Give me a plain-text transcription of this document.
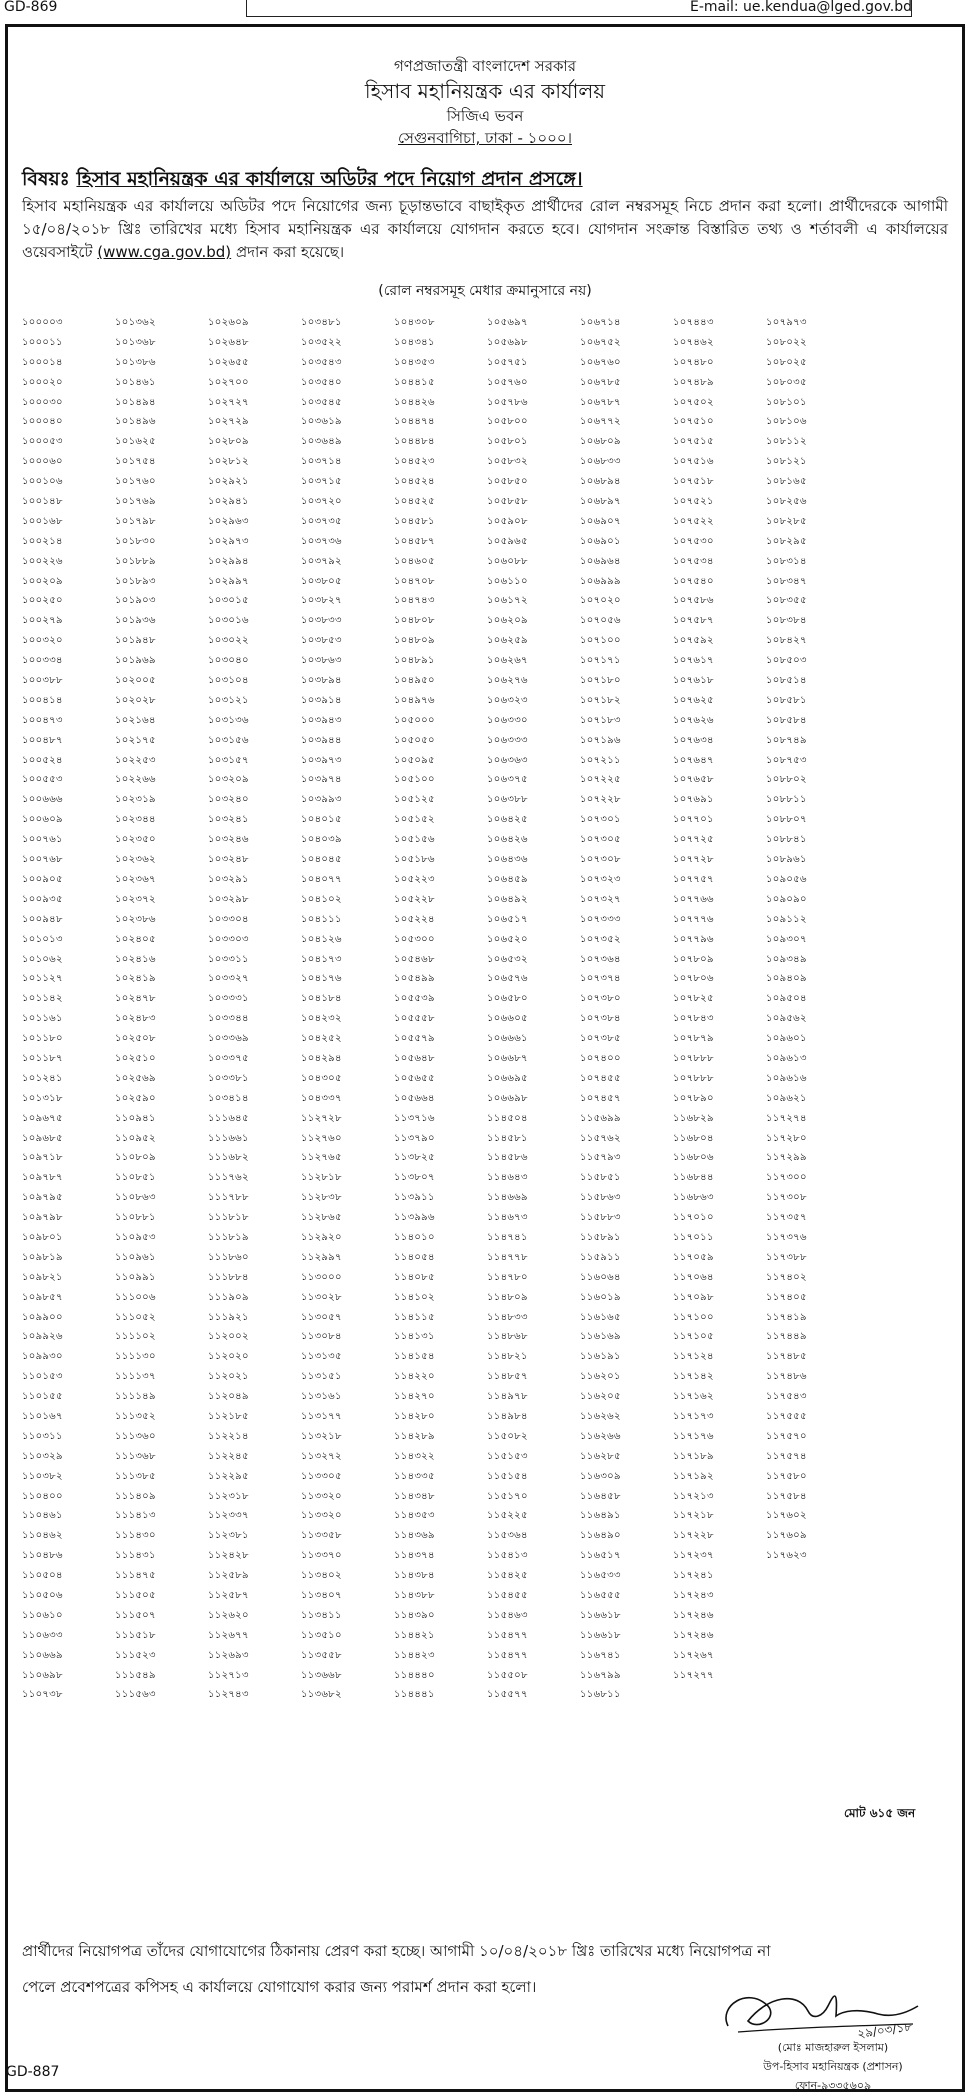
GD-869	E-mail: ue.kendua@lged.gov.bd
গণপ্রজাতন্ত্রী বাংলাদেশ সরকার
হিসাব মহানিয়ন্ত্রক এর কার্যালয়
সিজিএ ভবন
সেগুনবাগিচা, ঢাকা - ১০০০।
বিষয়ঃ হিসাব মহানিয়ন্ত্রক এর কার্যালয়ে অডিটর পদে নিয়োগ প্রদান প্রসঙ্গে।
হিসাব মহানিয়ন্ত্রক এর কার্যালয়ে অডিটর পদে নিয়োগের জন্য চূড়ান্তভাবে বাছাইকৃত প্রার্থীদের রোল নম্বরসমূহ নিচে প্রদান করা হলো। প্রার্থীদেরকে আগামী ১৫/০৪/২০১৮ খ্রিঃ তারিখের মধ্যে হিসাব মহানিয়ন্ত্রক এর কার্যালয়ে যোগদান করতে হবে। যোগদান সংক্রান্ত বিস্তারিত তথ্য ও শর্তাবলী এ কার্যালয়ের ওয়েবসাইটে (www.cga.gov.bd) প্রদান করা হয়েছে।
(রোল নম্বরসমূহ মেধার ক্রমানুসারে নয়)
১০০০০৩
১০০০১১
১০০০১৪
১০০০২০
১০০০৩০
১০০০৪০
১০০০৫৩
১০০০৬০
১০০১০৬
১০০১৪৮
১০০১৬৮
১০০২১৪
১০০২২৬
১০০২০৯
১০০২৫০
১০০২৭৯
১০০৩২০
১০০৩৩৪
১০০৩৮৮
১০০৪১৪
১০০৪৭৩
১০০৪৮৭
১০০৫২৪
১০০৫৫৩
১০০৬৬৬
১০০৬০৯
১০০৭৬১
১০০৭৬৮
১০০৯০৫
১০০৯৩৫
১০০৯৪৮
১০১০১৩
১০১০৬২
১০১১২৭
১০১১৪২
১০১১৬১
১০১১৮০
১০১১৮৭
১০১২৪১
১০১৩১৮
১০৯৬৭৫
১০৯৬৮৫
১০৯৭১৮
১০৯৭৮৭
১০৯৭৯৫
১০৯৭৯৮
১০৯৮০১
১০৯৮১৯
১০৯৮২১
১০৯৮৫৭
১০৯৯০০
১০৯৯২৬
১০৯৯৩০
১১০১৫৩
১১০১৫৫
১১০১৬৭
১১০৩১১
১১০৩২৯
১১০৩৮২
১১০৪০০
১১০৪৬১
১১০৪৬২
১১০৪৮৬
১১০৫০৪
১১০৫০৬
১১০৬১০
১১০৬৩৩
১১০৬৬৯
১১০৬৯৮
১১০৭৩৮
১০১৩৬২
১০১৩৬৮
১০১৩৮৬
১০১৪৬১
১০১৪৯৪
১০১৪৯৬
১০১৬২৫
১০১৭৫৪
১০১৭৬০
১০১৭৬৯
১০১৭৯৮
১০১৮৩০
১০১৮৮৯
১০১৮৯৩
১০১৯০৩
১০১৯৩৬
১০১৯৪৮
১০১৯৬৯
১০২০০৫
১০২০২৮
১০২১৬৪
১০২১৭৫
১০২২৫৩
১০২২৬৬
১০২৩১৯
১০২৩৪৪
১০২৩৫০
১০২৩৬২
১০২৩৬৭
১০২৩৭২
১০২৩৮৬
১০২৪০৫
১০২৪১৬
১০২৪১৯
১০২৪৭৮
১০২৪৮৩
১০২৫০৮
১০২৫১০
১০২৫৬৯
১০২৫৯০
১১০৯৪১
১১০৯৫২
১১০৮০৯
১১০৮৫১
১১০৮৬৩
১১০৮৮১
১১০৯৫৩
১১০৯৬১
১১০৯৯১
১১১০০৬
১১১০৫২
১১১১০২
১১১১৩০
১১১১৩৭
১১১১৪৯
১১১৩৫২
১১১৩৬০
১১১৩৬৮
১১১৩৮৫
১১১৪০৯
১১১৪১৩
১১১৪৩০
১১১৪৩১
১১১৪৭৫
১১১৫০৫
১১১৫০৭
১১১৫১৮
১১১৫২৩
১১১৫৪৯
১১১৫৬৩
১০২৬০৯
১০২৬৪৮
১০২৬৫৫
১০২৭০০
১০২৭২৭
১০২৭২৯
১০২৮০৯
১০২৮১২
১০২৯২১
১০২৯৪১
১০২৯৬৩
১০২৯৭৩
১০২৯৯৪
১০২৯৯৭
১০৩০১৫
১০৩০১৬
১০৩০২২
১০৩০৪০
১০৩১০৪
১০৩১২১
১০৩১৩৬
১০৩১৫৬
১০৩১৫৭
১০৩২০৯
১০৩২৪০
১০৩২৪১
১০৩২৪৬
১০৩২৪৮
১০৩২৯১
১০৩২৯৮
১০৩৩০৪
১০৩৩০৩
১০৩৩১১
১০৩৩২৭
১০৩৩৩১
১০৩৩৪৪
১০৩৩৬৯
১০৩৩৭৫
১০৩৩৮১
১০৩৪১৪
১১১৬৪৫
১১১৬৬১
১১১৬৮২
১১১৭৬২
১১১৭৮৮
১১১৮১৮
১১১৮১৯
১১১৮৬০
১১১৮৮৪
১১১৯০৯
১১১৯২১
১১২০০২
১১২০২০
১১২০২১
১১২০৪৯
১১২১৮৫
১১২২১৪
১১২২৪৫
১১২২৯৫
১১২৩১৮
১১২৩৩৭
১১২৩৮১
১১২৪২৮
১১২৫৮৯
১১২৫৮৭
১১২৬২০
১১২৬৭৭
১১২৬৯৩
১১২৭১৩
১১২৭৪৩
১০৩৪৮১
১০৩৫২২
১০৩৫৪৩
১০৩৫৪০
১০৩৫৪৫
১০৩৬১৯
১০৩৬৪৯
১০৩৭১৪
১০৩৭১৫
১০৩৭২০
১০৩৭৩৫
১০৩৭৩৬
১০৩৭৯২
১০৩৮০৫
১০৩৮২৭
১০৩৮৩৩
১০৩৮৫৩
১০৩৮৬৩
১০৩৮৯৪
১০৩৯১৪
১০৩৯৪৩
১০৩৯৪৪
১০৩৯৭৩
১০৩৯৭৪
১০৩৯৯৩
১০৪০১৫
১০৪০৩৯
১০৪০৪৫
১০৪০৭৭
১০৪১০২
১০৪১১১
১০৪১২৬
১০৪১৭৩
১০৪১৭৬
১০৪১৮৪
১০৪২৩২
১০৪২৫২
১০৪২৯৪
১০৪৩০৫
১০৪৩৩৭
১১২৭২৮
১১২৭৬০
১১২৭৬৫
১১২৮১৮
১১২৮৩৮
১১২৮৬৫
১১২৯২০
১১২৯৯৭
১১৩০০০
১১৩০২৮
১১৩০৫৭
১১৩০৮৪
১১৩১৩৫
১১৩১৫১
১১৩১৬১
১১৩১৭৭
১১৩২১৮
১১৩২৭২
১১৩৩০৫
১১৩৩২০
১১৩৩২০
১১৩৩৫৮
১১৩৩৭০
১১৩৪০২
১১৩৪০৭
১১৩৪১১
১১৩৫১০
১১৩৫৫৮
১১৩৬৬৮
১১৩৬৮২
১০৪৩০৮
১০৪৩৪১
১০৪৩৫৩
১০৪৪১৫
১০৪৪২৬
১০৪৪৭৪
১০৪৪৮৪
১০৪৫২৩
১০৪৫২৪
১০৪৫২৫
১০৪৫৮১
১০৪৫৮৭
১০৪৬০৫
১০৪৭০৮
১০৪৭৪৩
১০৪৮০৮
১০৪৮০৯
১০৪৮৯১
১০৪৯৫০
১০৪৯৭৬
১০৫০০০
১০৫০৫০
১০৫০৯৫
১০৫১০০
১০৫১২৫
১০৫১৫২
১০৫১৫৬
১০৫১৮৬
১০৫২২৩
১০৫২২৮
১০৫২২৪
১০৫৩০০
১০৫৪৬৮
১০৫৪৯৯
১০৫৫৩৯
১০৫৫৫৮
১০৫৫৭৯
১০৫৬৪৮
১০৫৬৫৫
১০৫৬৬৪
১১৩৭১৬
১১৩৭৯০
১১৩৮২৫
১১৩৮০৭
১১৩৯১১
১১৩৯৯৬
১১৪০১০
১১৪০৫৪
১১৪০৮৫
১১৪১০২
১১৪১১৫
১১৪১৩১
১১৪১৫৪
১১৪২২০
১১৪২৭০
১১৪২৮০
১১৪২৮৯
১১৪৩২২
১১৪৩৩৫
১১৪৩৪৮
১১৪৩৫৩
১১৪৩৬৯
১১৪৩৭৪
১১৪৩৮৪
১১৪৩৮৮
১১৪৩৯০
১১৪৪২১
১১৪৪২৩
১১৪৪৪০
১১৪৪৪১
১০৫৬৯৭
১০৫৬৯৮
১০৫৭৫১
১০৫৭৬০
১০৫৭৮৬
১০৫৮০০
১০৫৮০১
১০৫৮৩২
১০৫৮৫০
১০৫৮৫৮
১০৫৯০৮
১০৫৯৬৫
১০৬০৮৮
১০৬১১০
১০৬১৭২
১০৬২০৯
১০৬২৫৯
১০৬২৬৭
১০৬২৭৬
১০৬৩২৩
১০৬৩৩০
১০৬৩৩৩
১০৬৩৬৩
১০৬৩৭৫
১০৬৩৮৮
১০৬৪২৫
১০৬৪২৬
১০৬৪৩৬
১০৬৪৫৯
১০৬৪৯২
১০৬৫১৭
১০৬৫২০
১০৬৫৩২
১০৬৫৭৬
১০৬৫৮০
১০৬৬০৫
১০৬৬৬১
১০৬৬৮৭
১০৬৬৯৫
১০৬৬৯৮
১১৪৫০৪
১১৪৫৮১
১১৪৫৮৬
১১৪৬৪৩
১১৪৬৬৯
১১৪৬৭৩
১১৪৭৪১
১১৪৭৭৮
১১৪৭৮০
১১৪৮০৯
১১৪৮৩৩
১১৪৮৬৮
১১৪৮২১
১১৪৮৫৭
১১৪৯৭৮
১১৪৯৮৪
১১৫০৮২
১১৫১৫৩
১১৫১৫৪
১১৫১৭০
১১৫২২৫
১১৫৩৬৪
১১৫৪১৩
১১৫৪২৫
১১৫৪৫৫
১১৫৪৬৩
১১৫৪৭৭
১১৫৪৭৭
১১৫৫০৮
১১৫৫৭৭
১০৬৭১৪
১০৬৭৫২
১০৬৭৬০
১০৬৭৮৫
১০৬৭৮৭
১০৬৭৭২
১০৬৮০৯
১০৬৮৩৩
১০৬৮৯৪
১০৬৮৯৭
১০৬৯০৭
১০৬৯০১
১০৬৯৬৪
১০৬৯৯৯
১০৭০২০
১০৭০৫৬
১০৭১০০
১০৭১৭১
১০৭১৮০
১০৭১৮২
১০৭১৮৩
১০৭১৯৬
১০৭২১১
১০৭২২৫
১০৭২২৮
১০৭৩০১
১০৭৩০৫
১০৭৩০৮
১০৭৩২৩
১০৭৩২৭
১০৭৩৩৩
১০৭৩৫২
১০৭৩৬৪
১০৭৩৭৪
১০৭৩৮০
১০৭৩৮৪
১০৭৩৮৫
১০৭৪০০
১০৭৪৫৫
১০৭৪৫৭
১১৫৬৯৯
১১৫৭৬২
১১৫৭৯৩
১১৫৮৫১
১১৫৮৬৩
১১৫৮৮৩
১১৫৮৯১
১১৫৯১১
১১৬০৬৪
১১৬০১৯
১১৬১৬৫
১১৬১৬৯
১১৬১৯১
১১৬২০১
১১৬২০৫
১১৬২৬২
১১৬২৬৬
১১৬২৮৫
১১৬৩০৯
১১৬৪৫৮
১১৬৪৯১
১১৬৪৯০
১১৬৫১৭
১১৬৫৩৩
১১৬৫৫৫
১১৬৬১৮
১১৬৬১৮
১১৬৭৪১
১১৬৭৯৯
১১৬৮১১
১০৭৪৪৩
১০৭৪৬২
১০৭৪৮০
১০৭৪৮৯
১০৭৫০২
১০৭৫১০
১০৭৫১৫
১০৭৫১৬
১০৭৫১৮
১০৭৫২১
১০৭৫২২
১০৭৫৩০
১০৭৫৩৪
১০৭৫৪০
১০৭৫৮৬
১০৭৫৮৭
১০৭৫৯২
১০৭৬১৭
১০৭৬১৮
১০৭৬২৫
১০৭৬২৬
১০৭৬৩৪
১০৭৬৪৭
১০৭৬৫৮
১০৭৬৯১
১০৭৭০১
১০৭৭২৫
১০৭৭২৮
১০৭৭৫৭
১০৭৭৬৬
১০৭৭৭৬
১০৭৭৯৬
১০৭৮০৯
১০৭৮০৬
১০৭৮২৫
১০৭৮৪৩
১০৭৮৭৯
১০৭৮৮৮
১০৭৮৮৮
১০৭৮৯০
১১৬৮২৯
১১৬৮০৪
১১৬৮০৬
১১৬৮৪৪
১১৬৮৬৩
১১৭০১০
১১৭০১১
১১৭০৫৯
১১৭০৬৪
১১৭০৯৮
১১৭১০০
১১৭১০৫
১১৭১২৪
১১৭১৪২
১১৭১৬২
১১৭১৭৩
১১৭১৭৬
১১৭১৮৯
১১৭১৯২
১১৭২১৩
১১৭২১৮
১১৭২২৮
১১৭২৩৭
১১৭২৪১
১১৭২৪৩
১১৭২৪৬
১১৭২৪৬
১১৭২৬৭
১১৭২৭৭
১০৭৯৭৩
১০৮০২২
১০৮০২৫
১০৮০৩৫
১০৮১০১
১০৮১০৬
১০৮১১২
১০৮১২১
১০৮১৬৫
১০৮২৫৬
১০৮২৮৫
১০৮২৯৫
১০৮৩১৪
১০৮৩৪৭
১০৮৩৫৫
১০৮৩৮৪
১০৮৪২৭
১০৮৫০৩
১০৮৫১৪
১০৮৫৮১
১০৮৫৮৪
১০৮৭৪৯
১০৮৭৫৩
১০৮৮০২
১০৮৮১১
১০৮৮০৭
১০৮৮৪১
১০৮৯৬১
১০৯০৫৬
১০৯০৯০
১০৯১১২
১০৯৩০৭
১০৯৩৪৯
১০৯৪০৯
১০৯৫০৪
১০৯৫৬২
১০৯৬০১
১০৯৬১৩
১০৯৬১৬
১০৯৬২১
১১৭২৭৪
১১৭২৮০
১১৭২৯৯
১১৭৩০০
১১৭৩০৮
১১৭৩৫৭
১১৭৩৭৬
১১৭৩৮৮
১১৭৪০২
১১৭৪০৫
১১৭৪১৯
১১৭৪৪৯
১১৭৪৮৫
১১৭৪৮৬
১১৭৫৪৩
১১৭৫৫৫
১১৭৫৭০
১১৭৫৭৪
১১৭৫৮০
১১৭৫৮৪
১১৭৬০২
১১৭৬০৯
১১৭৬২৩
মোট ৬১৫ জন
প্রার্থীদের নিয়োগপত্র তাঁদের যোগাযোগের ঠিকানায় প্রেরণ করা হচ্ছে। আগামী ১০/০৪/২০১৮ খ্রিঃ তারিখের মধ্যে নিয়োগপত্র না
পেলে প্রবেশপত্রের কপিসহ এ কার্যালয়ে যোগাযোগ করার জন্য পরামর্শ প্রদান করা হলো।
২৯/০৩/১৮
(মোঃ মাজহারুল ইসলাম)
উপ-হিসাব মহানিয়ন্ত্রক (প্রশাসন)
ফোন-৯৩৩৫৬০৯
GD-887
